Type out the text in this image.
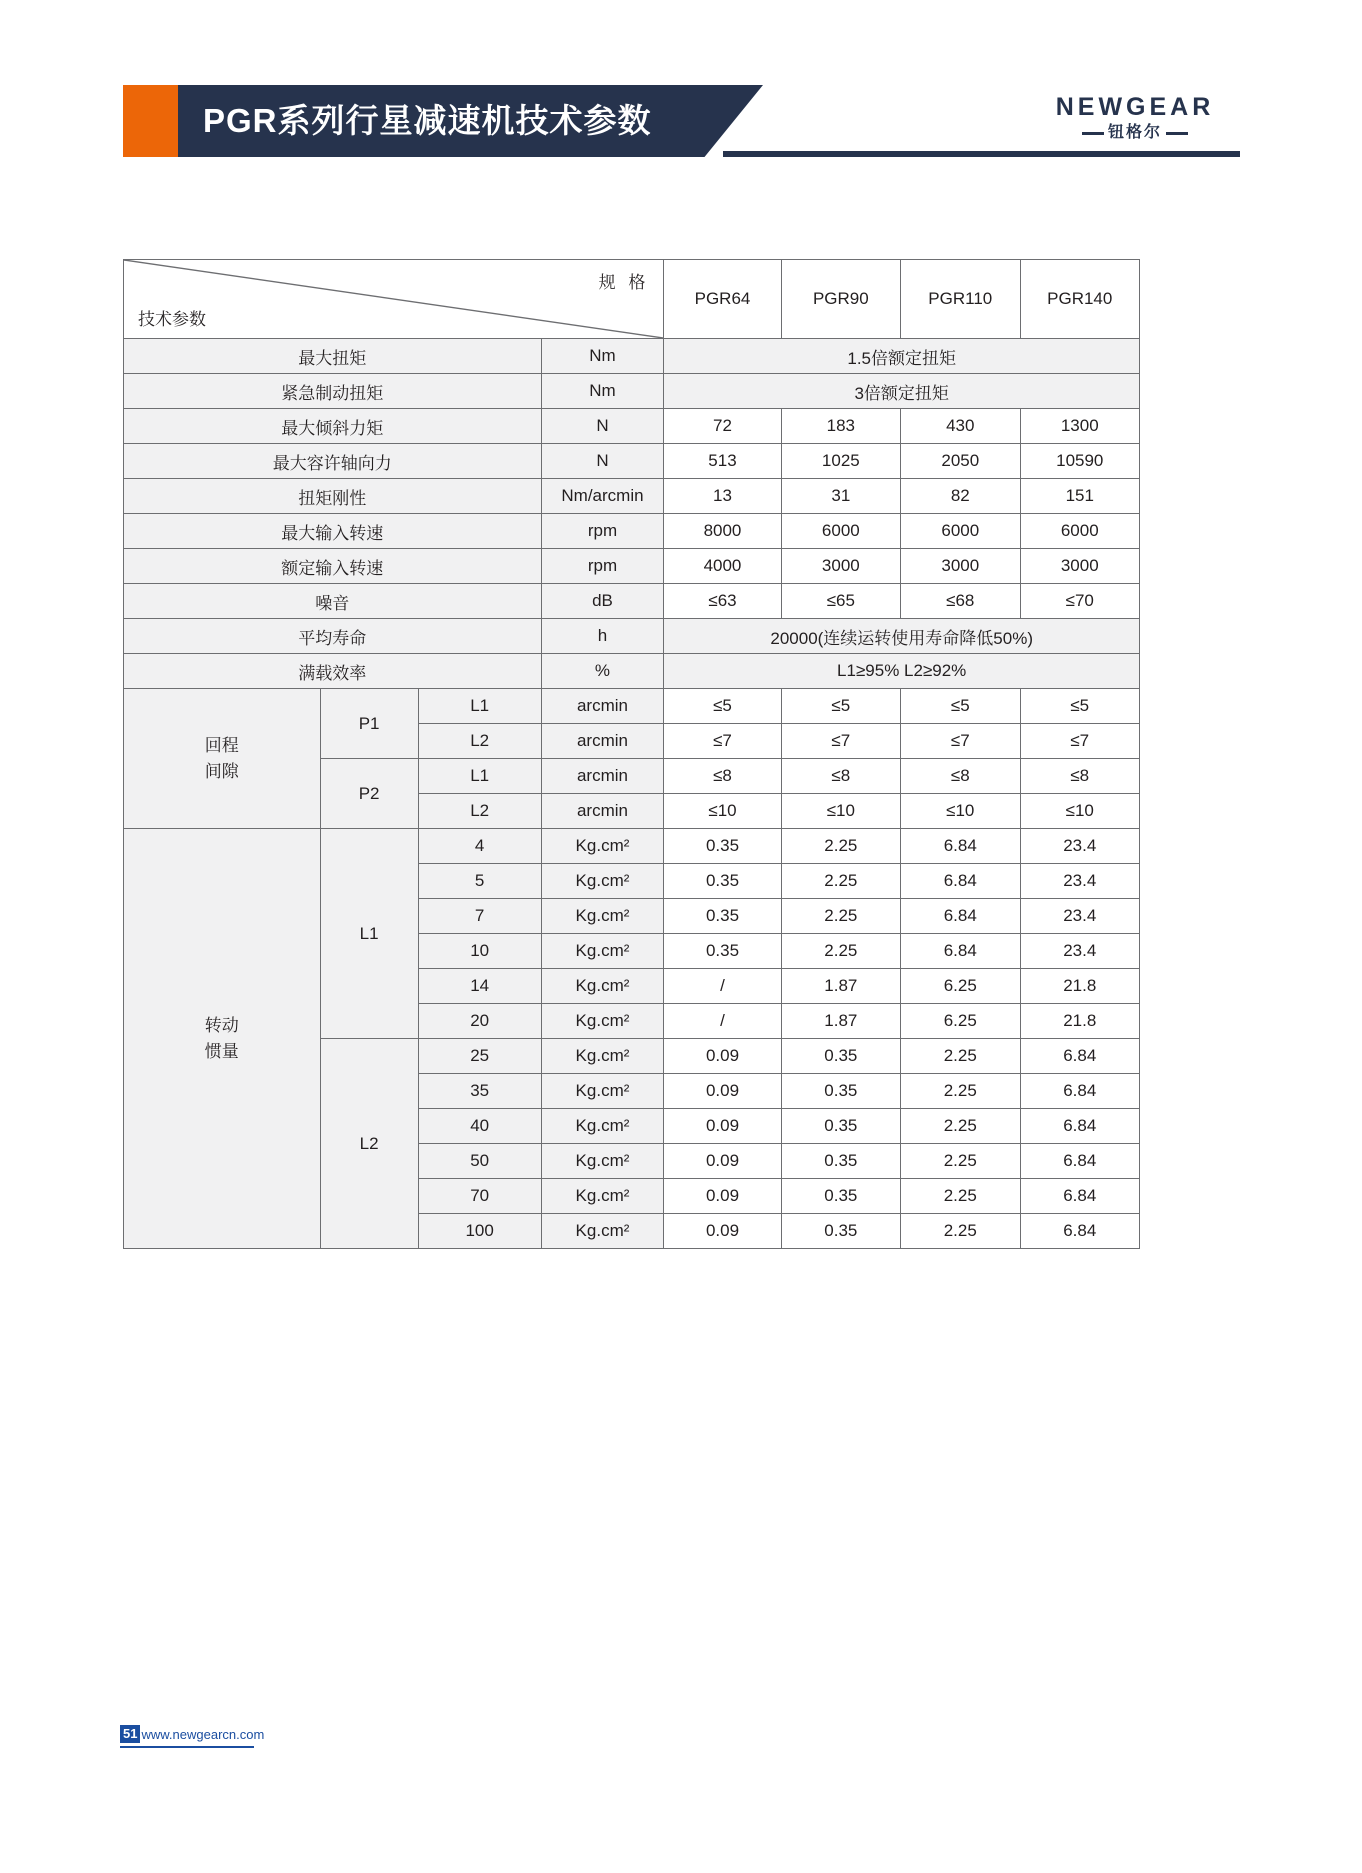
PGR系列行星减速机技术参数	NEWGEAR
钮格尔
规 格
技术参数				PGR64	PGR90	PGR110	PGR140
最大扭矩			Nm	1.5倍额定扭矩			
紧急制动扭矩			Nm	3倍额定扭矩			
最大倾斜力矩			N	72	183	430	1300
最大容许轴向力			N	513	1025	2050	10590
扭矩刚性			Nm/arcmin	13	31	82	151
最大输入转速			rpm	8000	6000	6000	6000
额定输入转速			rpm	4000	3000	3000	3000
噪音			dB	≤63	≤65	≤68	≤70
平均寿命			h	20000(连续运转使用寿命降低50%)			
满载效率			%	L1≥95% L2≥92%			

回程
间隙	P1	L1	arcmin	≤5	≤5	≤5	≤5
		L2	arcmin	≤7	≤7	≤7	≤7
	P2	L1	arcmin	≤8	≤8	≤8	≤8
		L2	arcmin	≤10	≤10	≤10	≤10

转动
惯量	L1	4	Kg.cm²	0.35	2.25	6.84	23.4
		5	Kg.cm²	0.35	2.25	6.84	23.4
		7	Kg.cm²	0.35	2.25	6.84	23.4
		10	Kg.cm²	0.35	2.25	6.84	23.4
		14	Kg.cm²	/	1.87	6.25	21.8
		20	Kg.cm²	/	1.87	6.25	21.8
	L2	25	Kg.cm²	0.09	0.35	2.25	6.84
		35	Kg.cm²	0.09	0.35	2.25	6.84
		40	Kg.cm²	0.09	0.35	2.25	6.84
		50	Kg.cm²	0.09	0.35	2.25	6.84
		70	Kg.cm²	0.09	0.35	2.25	6.84
		100	Kg.cm²	0.09	0.35	2.25	6.84
51 www.newgearcn.com
